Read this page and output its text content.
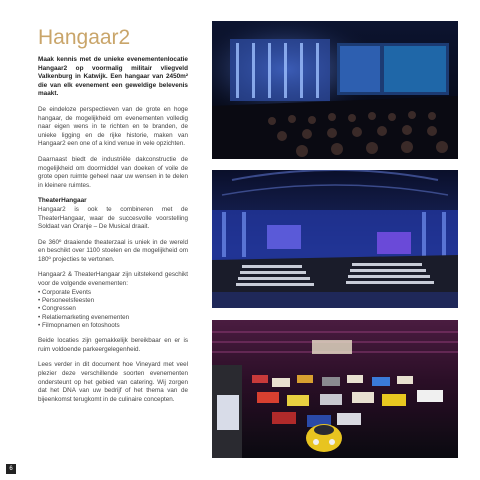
Hangaar2

Maak kennis met de unieke evenementenlocatie Hangaar2 op voormalig militair vliegveld Valkenburg in Katwijk. Een hangaar van 2450m² die van elk evenement een geweldige belevenis maakt.

De eindeloze perspectieven van de grote en hoge hangaar, de mogelijkheid om evenementen volledig naar eigen wens in te richten en te branden, de unieke ligging en de rijke historie, maken van Hangaar2 een one of a kind venue in vele opzichten.

Daarnaast biedt de industriële dakconstructie de mogelijkheid om doormiddel van doeken of voile de grote open ruimte geheel naar uw wensen in te delen in kleinere ruimtes.

TheaterHangaar

Hangaar2 is ook te combineren met de TheaterHangaar, waar de succesvolle voorstelling Soldaat van Oranje – De Musical draait.

De 360º draaiende theaterzaal is uniek in de wereld en beschikt over 1100 stoelen en de mogelijkheid om 180º projecties te vertonen.

Hangaar2 & TheaterHangaar zijn uitstekend geschikt voor de volgende evenementen:

• Corporate Events
• Personeelsfeesten
• Congressen
• Relatiemarketing evenementen
• Filmopnamen en fotoshoots

Beide locaties zijn gemakkelijk bereikbaar en er is ruim voldoende parkeergelegenheid.

Lees verder in dit document hoe Vineyard met veel plezier deze verschillende soorten evenementen ondersteunt op het gebied van catering. Wij zorgen dat het DNA van uw bedrijf of het thema van de bijeenkomst terugkomt in de culinaire concepten.

6
